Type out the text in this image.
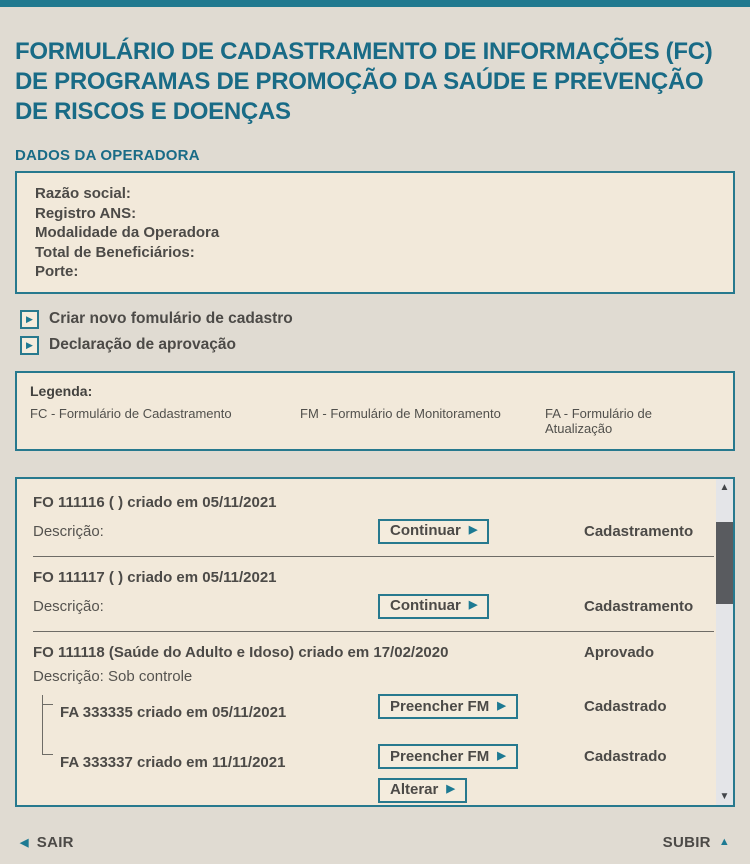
FORMULÁRIO DE CADASTRAMENTO DE INFORMAÇÕES (FC)
DE PROGRAMAS DE PROMOÇÃO DA SAÚDE E PREVENÇÃO
DE RISCOS E DOENÇAS
DADOS DA OPERADORA
Razão social:
Registro ANS:
Modalidade da Operadora
Total de Beneficiários:
Porte:
▶ Criar novo fomulário de cadastro
▶ Declaração de aprovação
Legenda:
FC - Formulário de Cadastramento	FM - Formulário de Monitoramento	FA - Formulário de Atualização
FO 111116 ( ) criado em 05/11/2021
Descrição:	Continuar ▶	Cadastramento
FO 111117 ( ) criado em 05/11/2021
Descrição:	Continuar ▶	Cadastramento
FO 111118 (Saúde do Adulto e Idoso) criado em 17/02/2020	Aprovado
Descrição: Sob controle
FA 333335 criado em 05/11/2021	Preencher FM ▶	Cadastrado
FA 333337 criado em 11/11/2021	Preencher FM ▶	Cadastrado
Alterar ▶
▲
▼
◀ SAIR	SUBIR ▲
